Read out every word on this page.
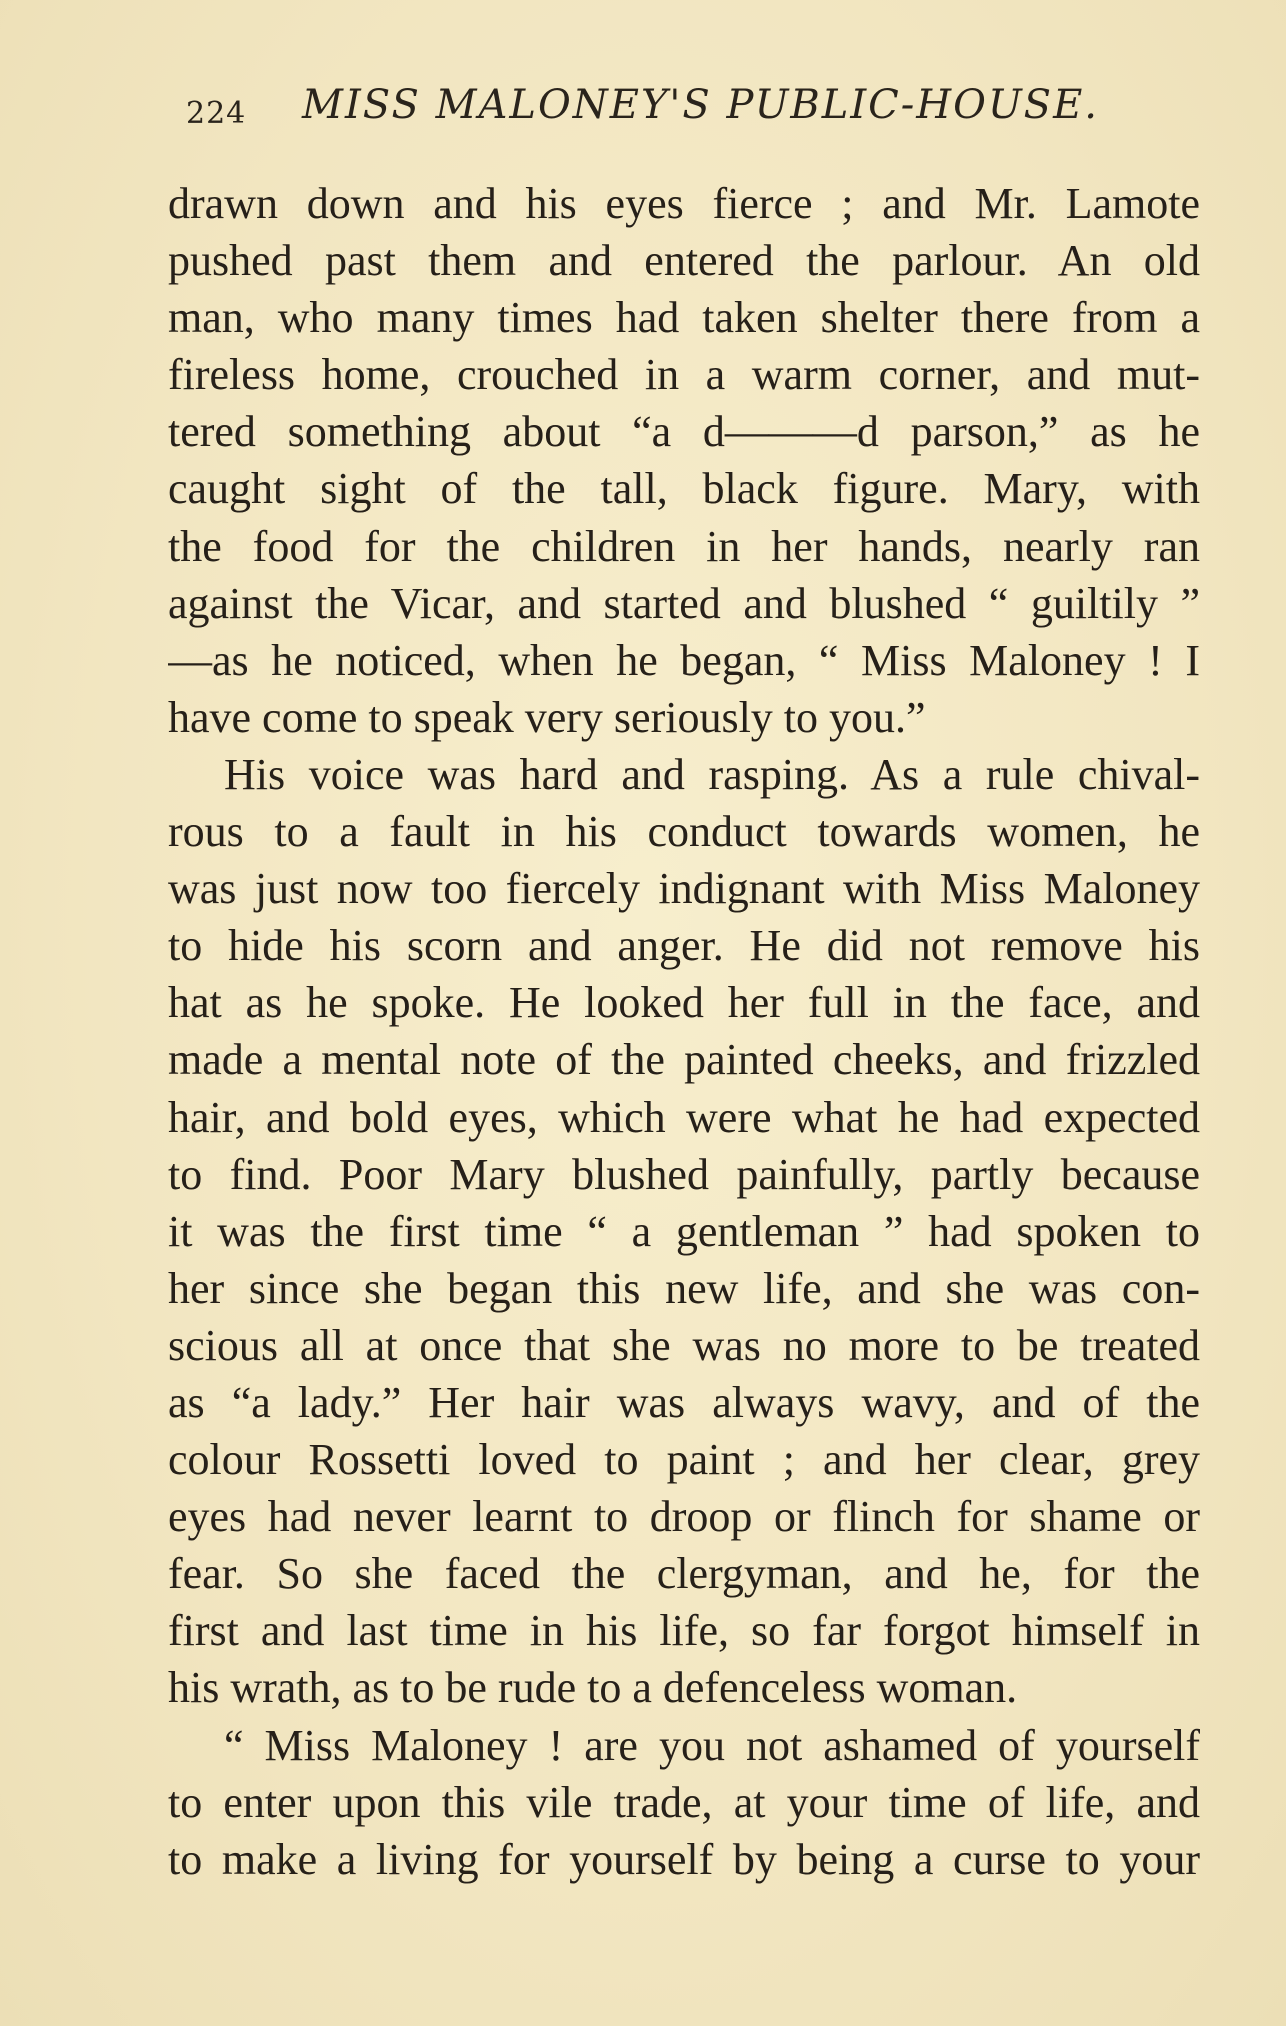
224 MISS MALONEY'S PUBLIC-HOUSE.
drawn down and his eyes fierce ; and Mr. Lamote
pushed past them and entered the parlour. An old
man, who many times had taken shelter there from a
fireless home, crouched in a warm corner, and mut-
tered something about “a d———d parson,” as he
caught sight of the tall, black figure. Mary, with
the food for the children in her hands, nearly ran
against the Vicar, and started and blushed “ guiltily ”
—as he noticed, when he began, “ Miss Maloney ! I
have come to speak very seriously to you.”
His voice was hard and rasping. As a rule chival-
rous to a fault in his conduct towards women, he
was just now too fiercely indignant with Miss Maloney
to hide his scorn and anger. He did not remove his
hat as he spoke. He looked her full in the face, and
made a mental note of the painted cheeks, and frizzled
hair, and bold eyes, which were what he had expected
to find. Poor Mary blushed painfully, partly because
it was the first time “ a gentleman ” had spoken to
her since she began this new life, and she was con-
scious all at once that she was no more to be treated
as “a lady.” Her hair was always wavy, and of the
colour Rossetti loved to paint ; and her clear, grey
eyes had never learnt to droop or flinch for shame or
fear. So she faced the clergyman, and he, for the
first and last time in his life, so far forgot himself in
his wrath, as to be rude to a defenceless woman.
“ Miss Maloney ! are you not ashamed of yourself
to enter upon this vile trade, at your time of life, and
to make a living for yourself by being a curse to your
